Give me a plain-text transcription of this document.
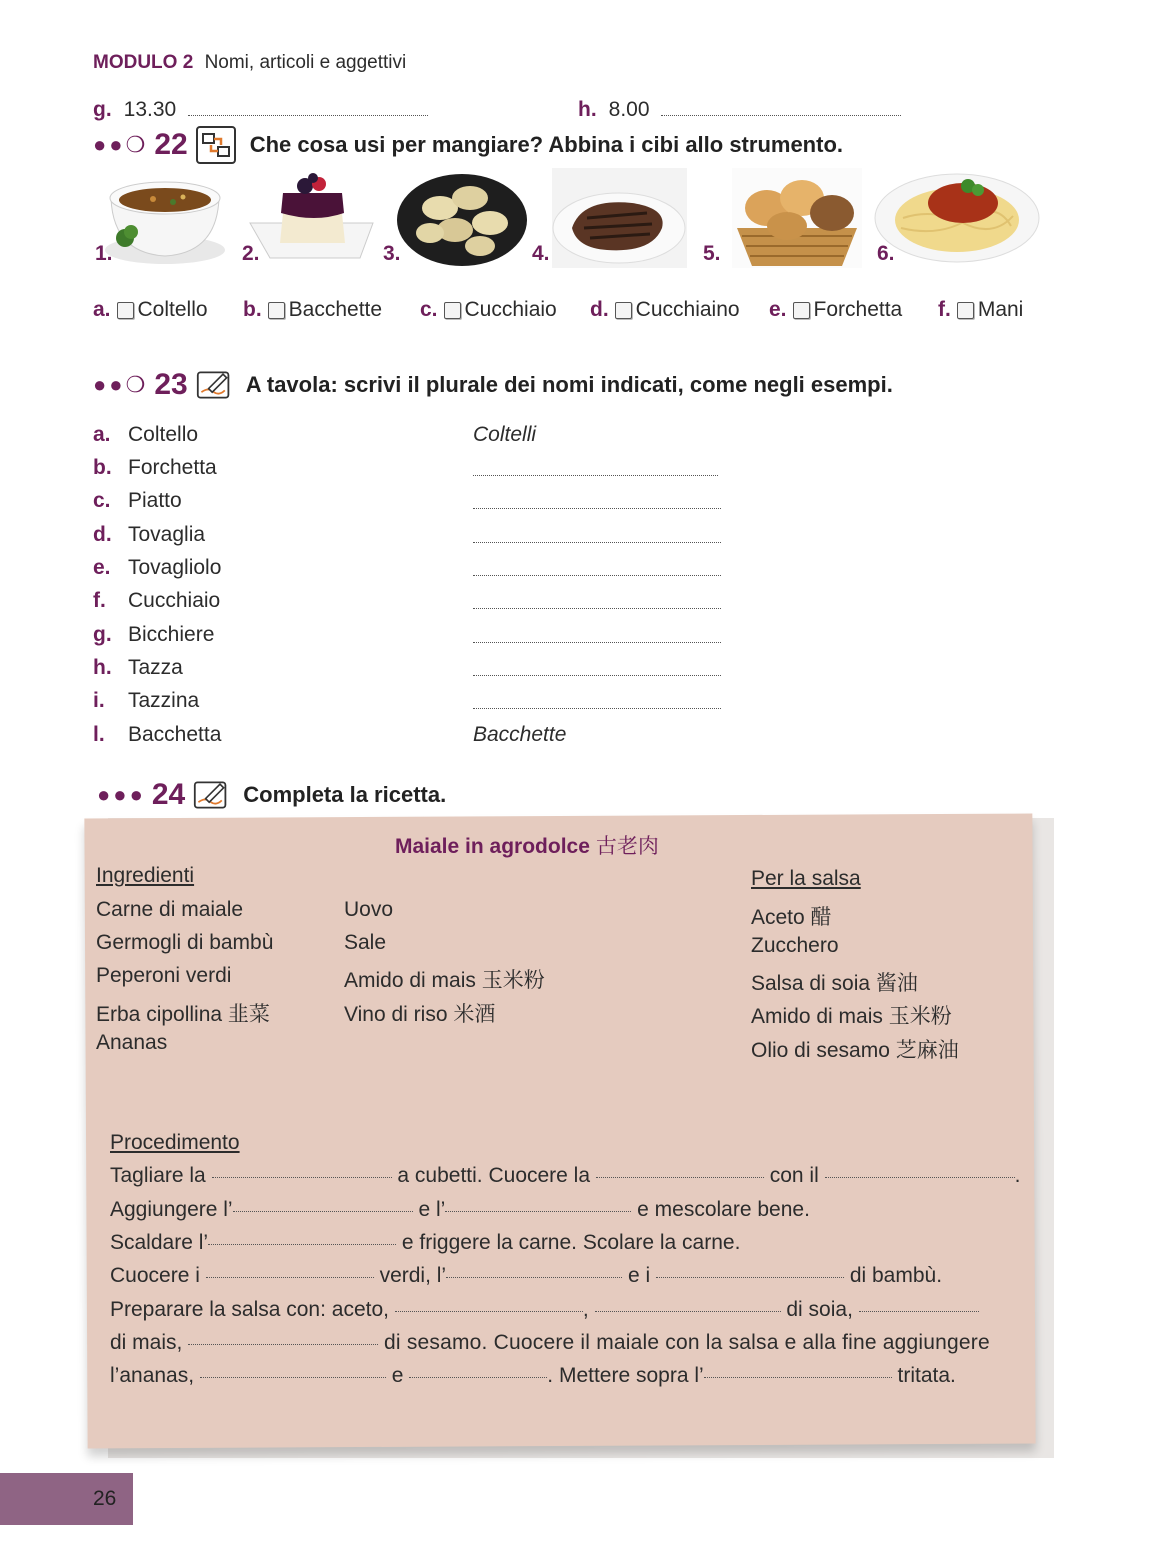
MODULO 2 Nomi, articoli e aggettivi
g. 13.30	h. 8.00
●●❍ 22	Che cosa usi per mangiare? Abbina i cibi allo strumento.
1.	2.	3.	4.	5.	6.
a. Coltello b. Bacchette c. Cucchiaio d. Cucchiaino e. Forchetta f. Mani
●●❍ 23	A tavola: scrivi il plurale dei nomi indicati, come negli esempi.
a. Coltello	Coltelli
b. Forchetta
c. Piatto
d. Tovaglia
e. Tovagliolo
f.	Cucchiaio
g. Bicchiere
h. Tazza
i.	Tazzina
l.	Bacchetta	Bacchette
●●● 24	Completa la ricetta.
Maiale in agrodolce 古老肉
Ingredienti
Carne di maiale
Germogli di bambù
Peperoni verdi
Erba cipollina 韭菜
Ananas
Uovo
Sale
Amido di mais 玉米粉
Vino di riso 米酒
Per la salsa
Aceto 醋
Zucchero
Salsa di soia 酱油
Amido di mais 玉米粉
Olio di sesamo 芝麻油
Procedimento
Tagliare la	a cubetti. Cuocere la	con il	.
Aggiungere l’	e l’	e mescolare bene.
Scaldare l’	e friggere la carne. Scolare la carne.
Cuocere i	verdi, l’	e i	di bambù.
Preparare la salsa con: aceto,	,	di soia,
di mais,	di sesamo. Cuocere il maiale con la salsa e alla fine aggiungere
l’ananas,	e	. Mettere sopra l’	tritata.
26
